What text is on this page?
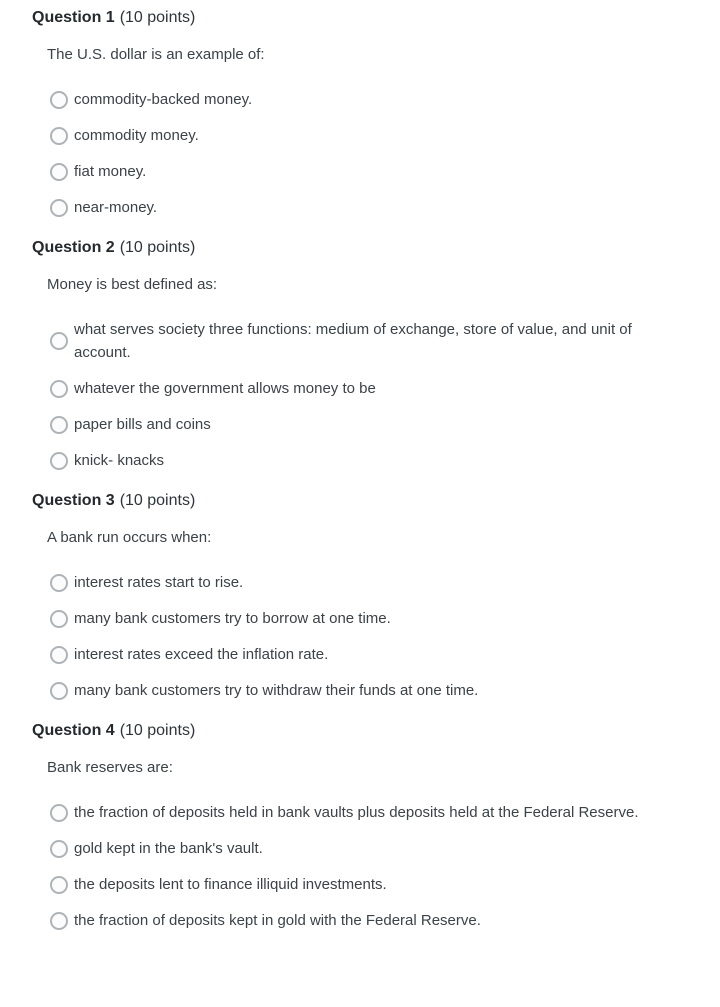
Question 1 (10 points)

The U.S. dollar is an example of:

commodity-backed money.
commodity money.
fiat money.
near-money.
Question 2 (10 points)

Money is best defined as:

what serves society three functions: medium of exchange, store of value, and unit of account.
whatever the government allows money to be
paper bills and coins
knick- knacks
Question 3 (10 points)

A bank run occurs when:

interest rates start to rise.
many bank customers try to borrow at one time.
interest rates exceed the inflation rate.
many bank customers try to withdraw their funds at one time.
Question 4 (10 points)

Bank reserves are:

the fraction of deposits held in bank vaults plus deposits held at the Federal Reserve.
gold kept in the bank's vault.
the deposits lent to finance illiquid investments.
the fraction of deposits kept in gold with the Federal Reserve.
